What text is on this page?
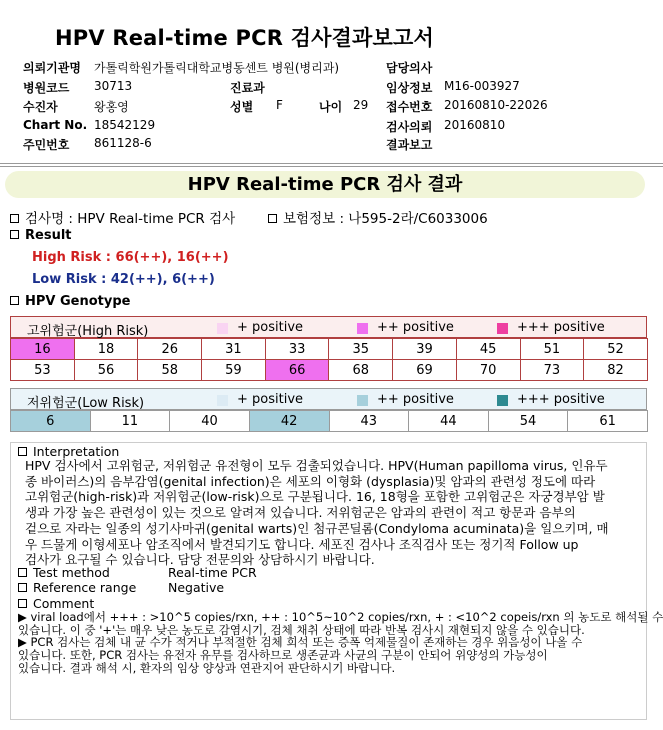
HPV Real-time PCR 검사결과보고서
의뢰기관명 가톨릭학원가톨릭대학교병동센트 병원(병리과)
병원코드 30713
수진자	왕홍영
Chart No. 18542129
주민번호 861128-6
진료과
성별 F	나이 29
담당의사
임상정보 M16-003927
접수번호 20160810-22026
검사의뢰 20160810
결과보고
HPV Real-time PCR 검사 결과
검사명 : HPV Real-time PCR 검사	보험정보 : 나595-2라/C6033006
Result
High Risk : 66(++), 16(++)
Low Risk : 42(++), 6(++)
HPV Genotype
고위험군(High Risk)	+ positive	++ positive	+++ positive
16	18	26	31	33	35	39	45	51	52
53	56	58	59	66	68	69	70	73	82
저위험군(Low Risk)	+ positive	++ positive	+++ positive
6	11	40	42	43	44	54	61
Interpretation
HPV 검사에서 고위험군, 저위험군 유전형이 모두 검출되었습니다. HPV(Human papilloma virus, 인유두
종 바이러스)의 음부감염(genital infection)은 세포의 이형화 (dysplasia)및 암과의 관련성 정도에 따라
고위험군(high-risk)과 저위험군(low-risk)으로 구분됩니다. 16, 18형을 포함한 고위험군은 자궁경부암 발
생과 가장 높은 관련성이 있는 것으로 알려져 있습니다. 저위험군은 암과의 관련이 적고 항문과 음부의
겉으로 자라는 일종의 성기사마귀(genital warts)인 첨규콘딜롬(Condyloma acuminata)을 일으키며, 매
우 드물게 이형세포나 암조직에서 발견되기도 합니다. 세포진 검사나 조직검사 또는 정기적 Follow up
검사가 요구될 수 있습니다. 담당 전문의와 상담하시기 바랍니다.
Test method	Real-time PCR
Reference range	Negative
Comment
▶ viral load에서 +++ : >10^5 copies/rxn, ++ : 10^5~10^2 copies/rxn, + : <10^2 copeis/rxn 의 농도로 해석될 수
있습니다. 이 중 '+'는 매우 낮은 농도로 감염시기, 검체 채취 상태에 따라 반복 검사시 재현되지 않을 수 있습니다.
▶ PCR 검사는 검체 내 균 수가 적거나 부적절한 검체 희석 또는 증폭 억제물질이 존재하는 경우 위음성이 나올 수
있습니다. 또한, PCR 검사는 유전자 유무를 검사하므로 생존균과 사균의 구분이 안되어 위양성의 가능성이
있습니다. 결과 해석 시, 환자의 임상 양상과 연관지어 판단하시기 바랍니다.
